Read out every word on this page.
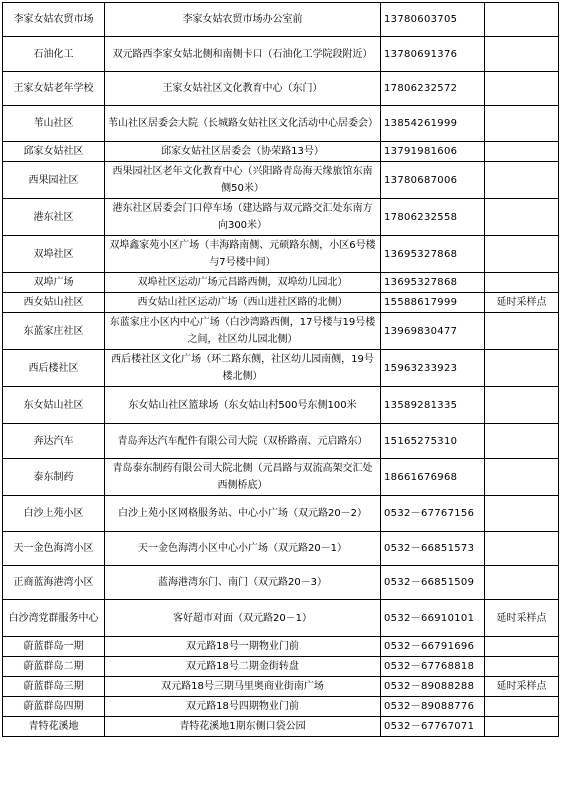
李家女姑农贸市场	李家女姑农贸市场办公室前	13780603705	
石油化工	双元路西李家女姑北侧和南侧卡口（石油化工学院段附近）	13780691376	
王家女姑老年学校	王家女姑社区文化教育中心（东门）	17806232572	
苇山社区	苇山社区居委会大院（长城路女姑社区文化活动中心居委会）	13854261999	
邱家女姑社区	邱家女姑社区居委会（协荣路13号）	13791981606	
西果园社区	西果园社区老年文化教育中心（兴阳路青岛海天缘旅馆东南侧50米）	13780687006	
港东社区	港东社区居委会门口停车场（建达路与双元路交汇处东南方向300米）	17806232558	
双埠社区	双埠鑫家苑小区广场（丰海路南侧、元硕路东侧，小区6号楼与7号楼中间）	13695327868	
双埠广场	双埠社区运动广场元昌路西侧，双埠幼儿园北）	13695327868	
西女姑山社区	西女姑山社区运动广场（西山进社区路的北侧）	15588617999	延时采样点
东蓝家庄社区	东蓝家庄小区内中心广场（白沙湾路西侧，17号楼与19号楼之间，社区幼儿园北侧）	13969830477	
西后楼社区	西后楼社区文化广场（环二路东侧，社区幼儿园南侧，19号楼北侧）	15963233923	
东女姑山社区	东女姑山社区篮球场（东女姑山村500号东侧100米	13589281335	
奔达汽车	青岛奔达汽车配件有限公司大院（双桥路南、元启路东）	15165275310	
泰东制药	青岛泰东制药有限公司大院北侧（元昌路与双流高架交汇处西侧桥底）	18661676968	
白沙上苑小区	白沙上苑小区网格服务站、中心小广场（双元路20－2）	0532－67767156	
天一金色海湾小区	天一金色海湾小区中心小广场（双元路20－1）	0532－66851573	
正商蓝海港湾小区	蓝海港湾东门、南门（双元路20－3）	0532－66851509	
白沙湾党群服务中心	客好超市对面（双元路20－1）	0532－66910101	延时采样点
蔚蓝群岛一期	双元路18号一期物业门前	0532－66791696	
蔚蓝群岛二期	双元路18号二期金街转盘	0532－67768818	
蔚蓝群岛三期	双元路18号三期马里奥商业街南广场	0532－89088288	延时采样点
蔚蓝群岛四期	双元路18号四期物业门前	0532－89088776	
青特花溪地	青特花溪地1期东侧口袋公园	0532－67767071	
